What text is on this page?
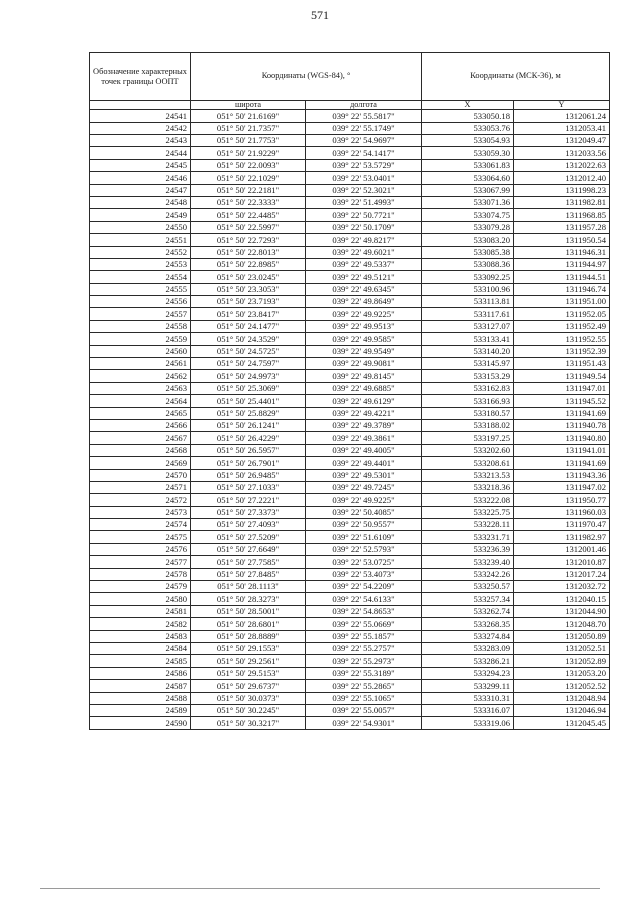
571
Обозначение характерных точек границы ООПТ	Координаты (WGS-84), °		Координаты (МСК-36), м	
	широта	долгота	X	Y
24541	051° 50' 21.6169"	039° 22' 55.5817"	533050.18	1312061.24
24542	051° 50' 21.7357"	039° 22' 55.1749"	533053.76	1312053.41
24543	051° 50' 21.7753"	039° 22' 54.9697"	533054.93	1312049.47
24544	051° 50' 21.9229"	039° 22' 54.1417"	533059.30	1312033.56
24545	051° 50' 22.0093"	039° 22' 53.5729"	533061.83	1312022.63
24546	051° 50' 22.1029"	039° 22' 53.0401"	533064.60	1312012.40
24547	051° 50' 22.2181"	039° 22' 52.3021"	533067.99	1311998.23
24548	051° 50' 22.3333"	039° 22' 51.4993"	533071.36	1311982.81
24549	051° 50' 22.4485"	039° 22' 50.7721"	533074.75	1311968.85
24550	051° 50' 22.5997"	039° 22' 50.1709"	533079.28	1311957.28
24551	051° 50' 22.7293"	039° 22' 49.8217"	533083.20	1311950.54
24552	051° 50' 22.8013"	039° 22' 49.6021"	533085.38	1311946.31
24553	051° 50' 22.8985"	039° 22' 49.5337"	533088.36	1311944.97
24554	051° 50' 23.0245"	039° 22' 49.5121"	533092.25	1311944.51
24555	051° 50' 23.3053"	039° 22' 49.6345"	533100.96	1311946.74
24556	051° 50' 23.7193"	039° 22' 49.8649"	533113.81	1311951.00
24557	051° 50' 23.8417"	039° 22' 49.9225"	533117.61	1311952.05
24558	051° 50' 24.1477"	039° 22' 49.9513"	533127.07	1311952.49
24559	051° 50' 24.3529"	039° 22' 49.9585"	533133.41	1311952.55
24560	051° 50' 24.5725"	039° 22' 49.9549"	533140.20	1311952.39
24561	051° 50' 24.7597"	039° 22' 49.9081"	533145.97	1311951.43
24562	051° 50' 24.9973"	039° 22' 49.8145"	533153.29	1311949.54
24563	051° 50' 25.3069"	039° 22' 49.6885"	533162.83	1311947.01
24564	051° 50' 25.4401"	039° 22' 49.6129"	533166.93	1311945.52
24565	051° 50' 25.8829"	039° 22' 49.4221"	533180.57	1311941.69
24566	051° 50' 26.1241"	039° 22' 49.3789"	533188.02	1311940.78
24567	051° 50' 26.4229"	039° 22' 49.3861"	533197.25	1311940.80
24568	051° 50' 26.5957"	039° 22' 49.4005"	533202.60	1311941.01
24569	051° 50' 26.7901"	039° 22' 49.4401"	533208.61	1311941.69
24570	051° 50' 26.9485"	039° 22' 49.5301"	533213.53	1311943.36
24571	051° 50' 27.1033"	039° 22' 49.7245"	533218.36	1311947.02
24572	051° 50' 27.2221"	039° 22' 49.9225"	533222.08	1311950.77
24573	051° 50' 27.3373"	039° 22' 50.4085"	533225.75	1311960.03
24574	051° 50' 27.4093"	039° 22' 50.9557"	533228.11	1311970.47
24575	051° 50' 27.5209"	039° 22' 51.6109"	533231.71	1311982.97
24576	051° 50' 27.6649"	039° 22' 52.5793"	533236.39	1312001.46
24577	051° 50' 27.7585"	039° 22' 53.0725"	533239.40	1312010.87
24578	051° 50' 27.8485"	039° 22' 53.4073"	533242.26	1312017.24
24579	051° 50' 28.1113"	039° 22' 54.2209"	533250.57	1312032.72
24580	051° 50' 28.3273"	039° 22' 54.6133"	533257.34	1312040.15
24581	051° 50' 28.5001"	039° 22' 54.8653"	533262.74	1312044.90
24582	051° 50' 28.6801"	039° 22' 55.0669"	533268.35	1312048.70
24583	051° 50' 28.8889"	039° 22' 55.1857"	533274.84	1312050.89
24584	051° 50' 29.1553"	039° 22' 55.2757"	533283.09	1312052.51
24585	051° 50' 29.2561"	039° 22' 55.2973"	533286.21	1312052.89
24586	051° 50' 29.5153"	039° 22' 55.3189"	533294.23	1312053.20
24587	051° 50' 29.6737"	039° 22' 55.2865"	533299.11	1312052.52
24588	051° 50' 30.0373"	039° 22' 55.1065"	533310.31	1312048.94
24589	051° 50' 30.2245"	039° 22' 55.0057"	533316.07	1312046.94
24590	051° 50' 30.3217"	039° 22' 54.9301"	533319.06	1312045.45
